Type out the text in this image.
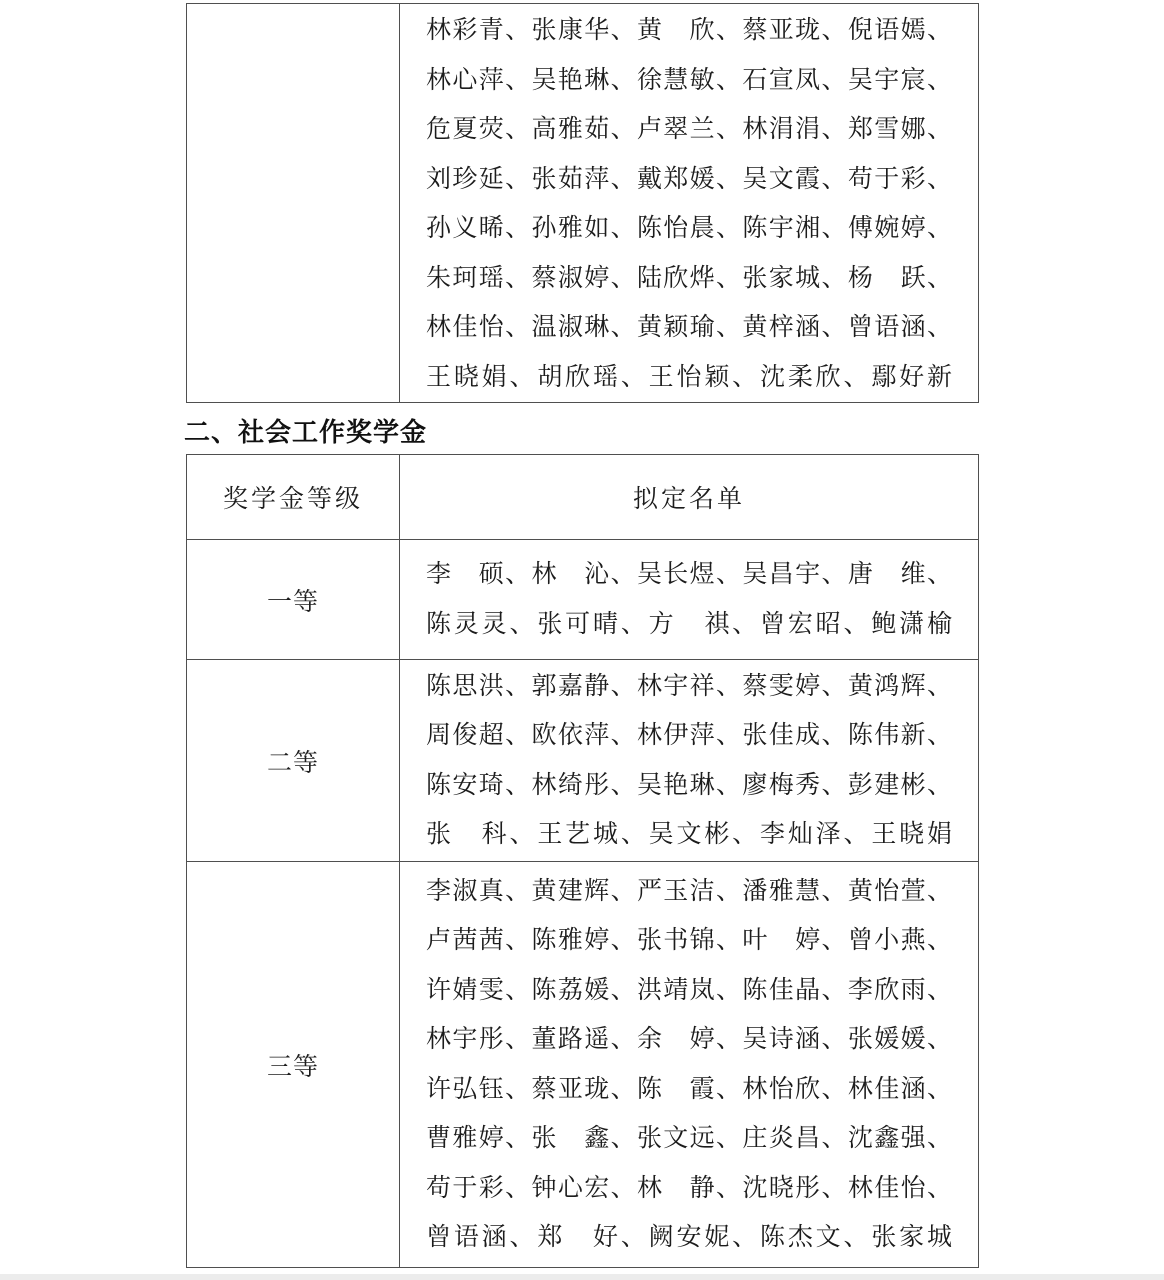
林彩青、张康华、黄　欣、蔡亚珑、倪语嫣、
林心萍、吴艳琳、徐慧敏、石宣凤、吴宇宸、
危夏荧、高雅茹、卢翠兰、林涓涓、郑雪娜、
刘珍延、张茹萍、戴郑媛、吴文霞、苟于彩、
孙义晞、孙雅如、陈怡晨、陈宇湘、傅婉婷、
朱珂瑶、蔡淑婷、陆欣烨、张家城、杨　跃、
林佳怡、温淑琳、黄颖瑜、黄梓涵、曾语涵、
王晓娟、胡欣瑶、王怡颖、沈柔欣、鄢好新
二、社会工作奖学金
奖学金等级	拟定名单
一等
李　硕、林　沁、吴长煜、吴昌宇、唐　维、
陈灵灵、张可晴、方　祺、曾宏昭、鲍潇榆
二等
陈思洪、郭嘉静、林宇祥、蔡雯婷、黄鸿辉、
周俊超、欧依萍、林伊萍、张佳成、陈伟新、
陈安琦、林绮彤、吴艳琳、廖梅秀、彭建彬、
张　科、王艺城、吴文彬、李灿泽、王晓娟
三等
李淑真、黄建辉、严玉洁、潘雅慧、黄怡萱、
卢茜茜、陈雅婷、张书锦、叶　婷、曾小燕、
许婧雯、陈荔媛、洪靖岚、陈佳晶、李欣雨、
林宇彤、董路遥、余　婷、吴诗涵、张媛媛、
许弘钰、蔡亚珑、陈　霞、林怡欣、林佳涵、
曹雅婷、张　鑫、张文远、庄炎昌、沈鑫强、
苟于彩、钟心宏、林　静、沈晓彤、林佳怡、
曾语涵、郑　好、阙安妮、陈杰文、张家城
